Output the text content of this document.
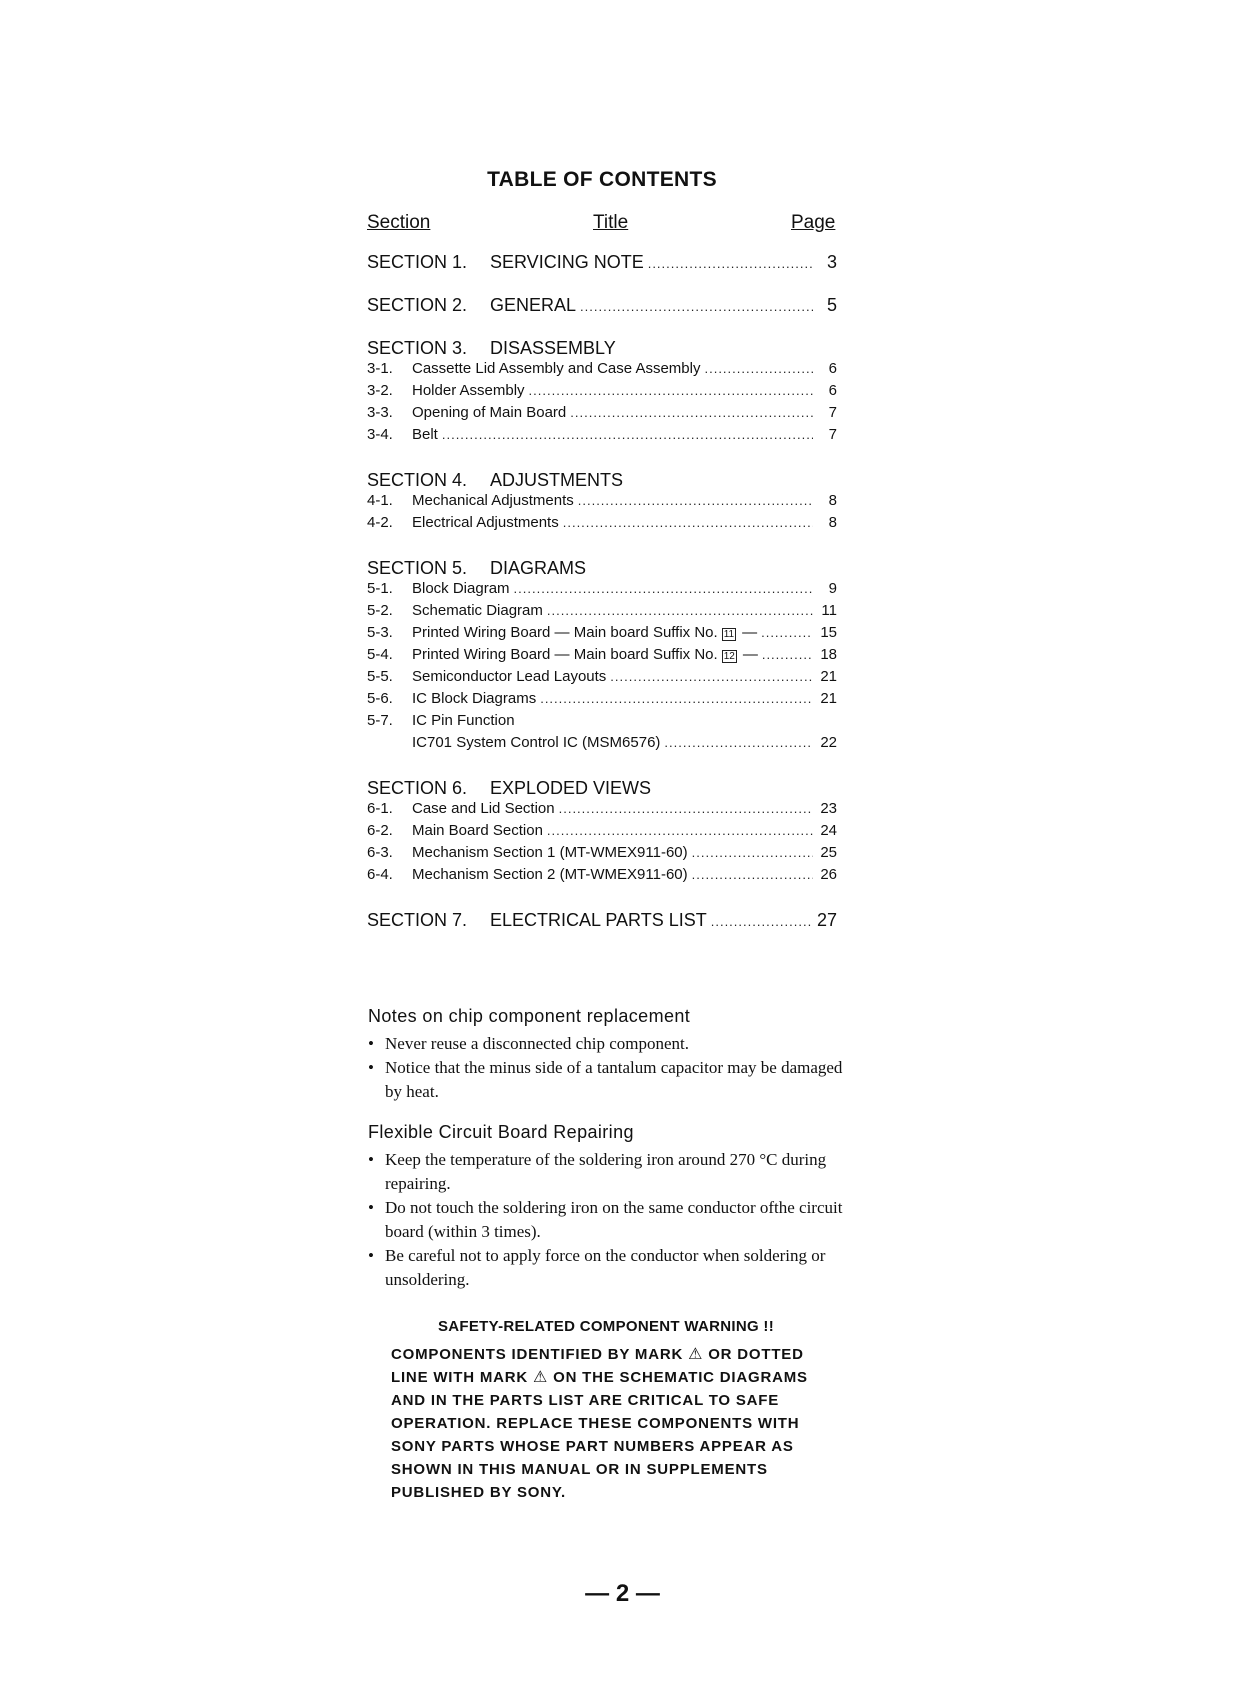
TABLE OF CONTENTS
Section	Title	Page
SECTION 1.	SERVICING NOTE .....	3
SECTION 2.	GENERAL .....	5
SECTION 3.	DISASSEMBLY
3-1.	Cassette Lid Assembly and Case Assembly .....	6
3-2.	Holder Assembly .....	6
3-3.	Opening of Main Board .....	7
3-4.	Belt .....	7
SECTION 4.	ADJUSTMENTS
4-1.	Mechanical Adjustments .....	8
4-2.	Electrical Adjustments .....	8
SECTION 5.	DIAGRAMS
5-1.	Block Diagram .....	9
5-2.	Schematic Diagram .....	11
5-3.	Printed Wiring Board — Main board Suffix No. 11 — .....	15
5-4.	Printed Wiring Board — Main board Suffix No. 12 — .....	18
5-5.	Semiconductor Lead Layouts .....	21
5-6.	IC Block Diagrams .....	21
5-7.	IC Pin Function
IC701 System Control IC (MSM6576) .....	22
SECTION 6.	EXPLODED VIEWS
6-1.	Case and Lid Section .....	23
6-2.	Main Board Section .....	24
6-3.	Mechanism Section 1 (MT-WMEX911-60) .....	25
6-4.	Mechanism Section 2 (MT-WMEX911-60) .....	26
SECTION 7.	ELECTRICAL PARTS LIST .....	27
Notes on chip component replacement
• Never reuse a disconnected chip component.
• Notice that the minus side of a tantalum capacitor may be damaged by heat.
Flexible Circuit Board Repairing
• Keep the temperature of the soldering iron around 270 °C during repairing.
• Do not touch the soldering iron on the same conductor ofthe circuit board (within 3 times).
• Be careful not to apply force on the conductor when soldering or unsoldering.
SAFETY-RELATED COMPONENT WARNING !!
COMPONENTS IDENTIFIED BY MARK ⚠ OR DOTTED
LINE WITH MARK ⚠ ON THE SCHEMATIC DIAGRAMS
AND IN THE PARTS LIST ARE CRITICAL TO SAFE
OPERATION. REPLACE THESE COMPONENTS WITH
SONY PARTS WHOSE PART NUMBERS APPEAR AS
SHOWN IN THIS MANUAL OR IN SUPPLEMENTS
PUBLISHED BY SONY.
— 2 —
